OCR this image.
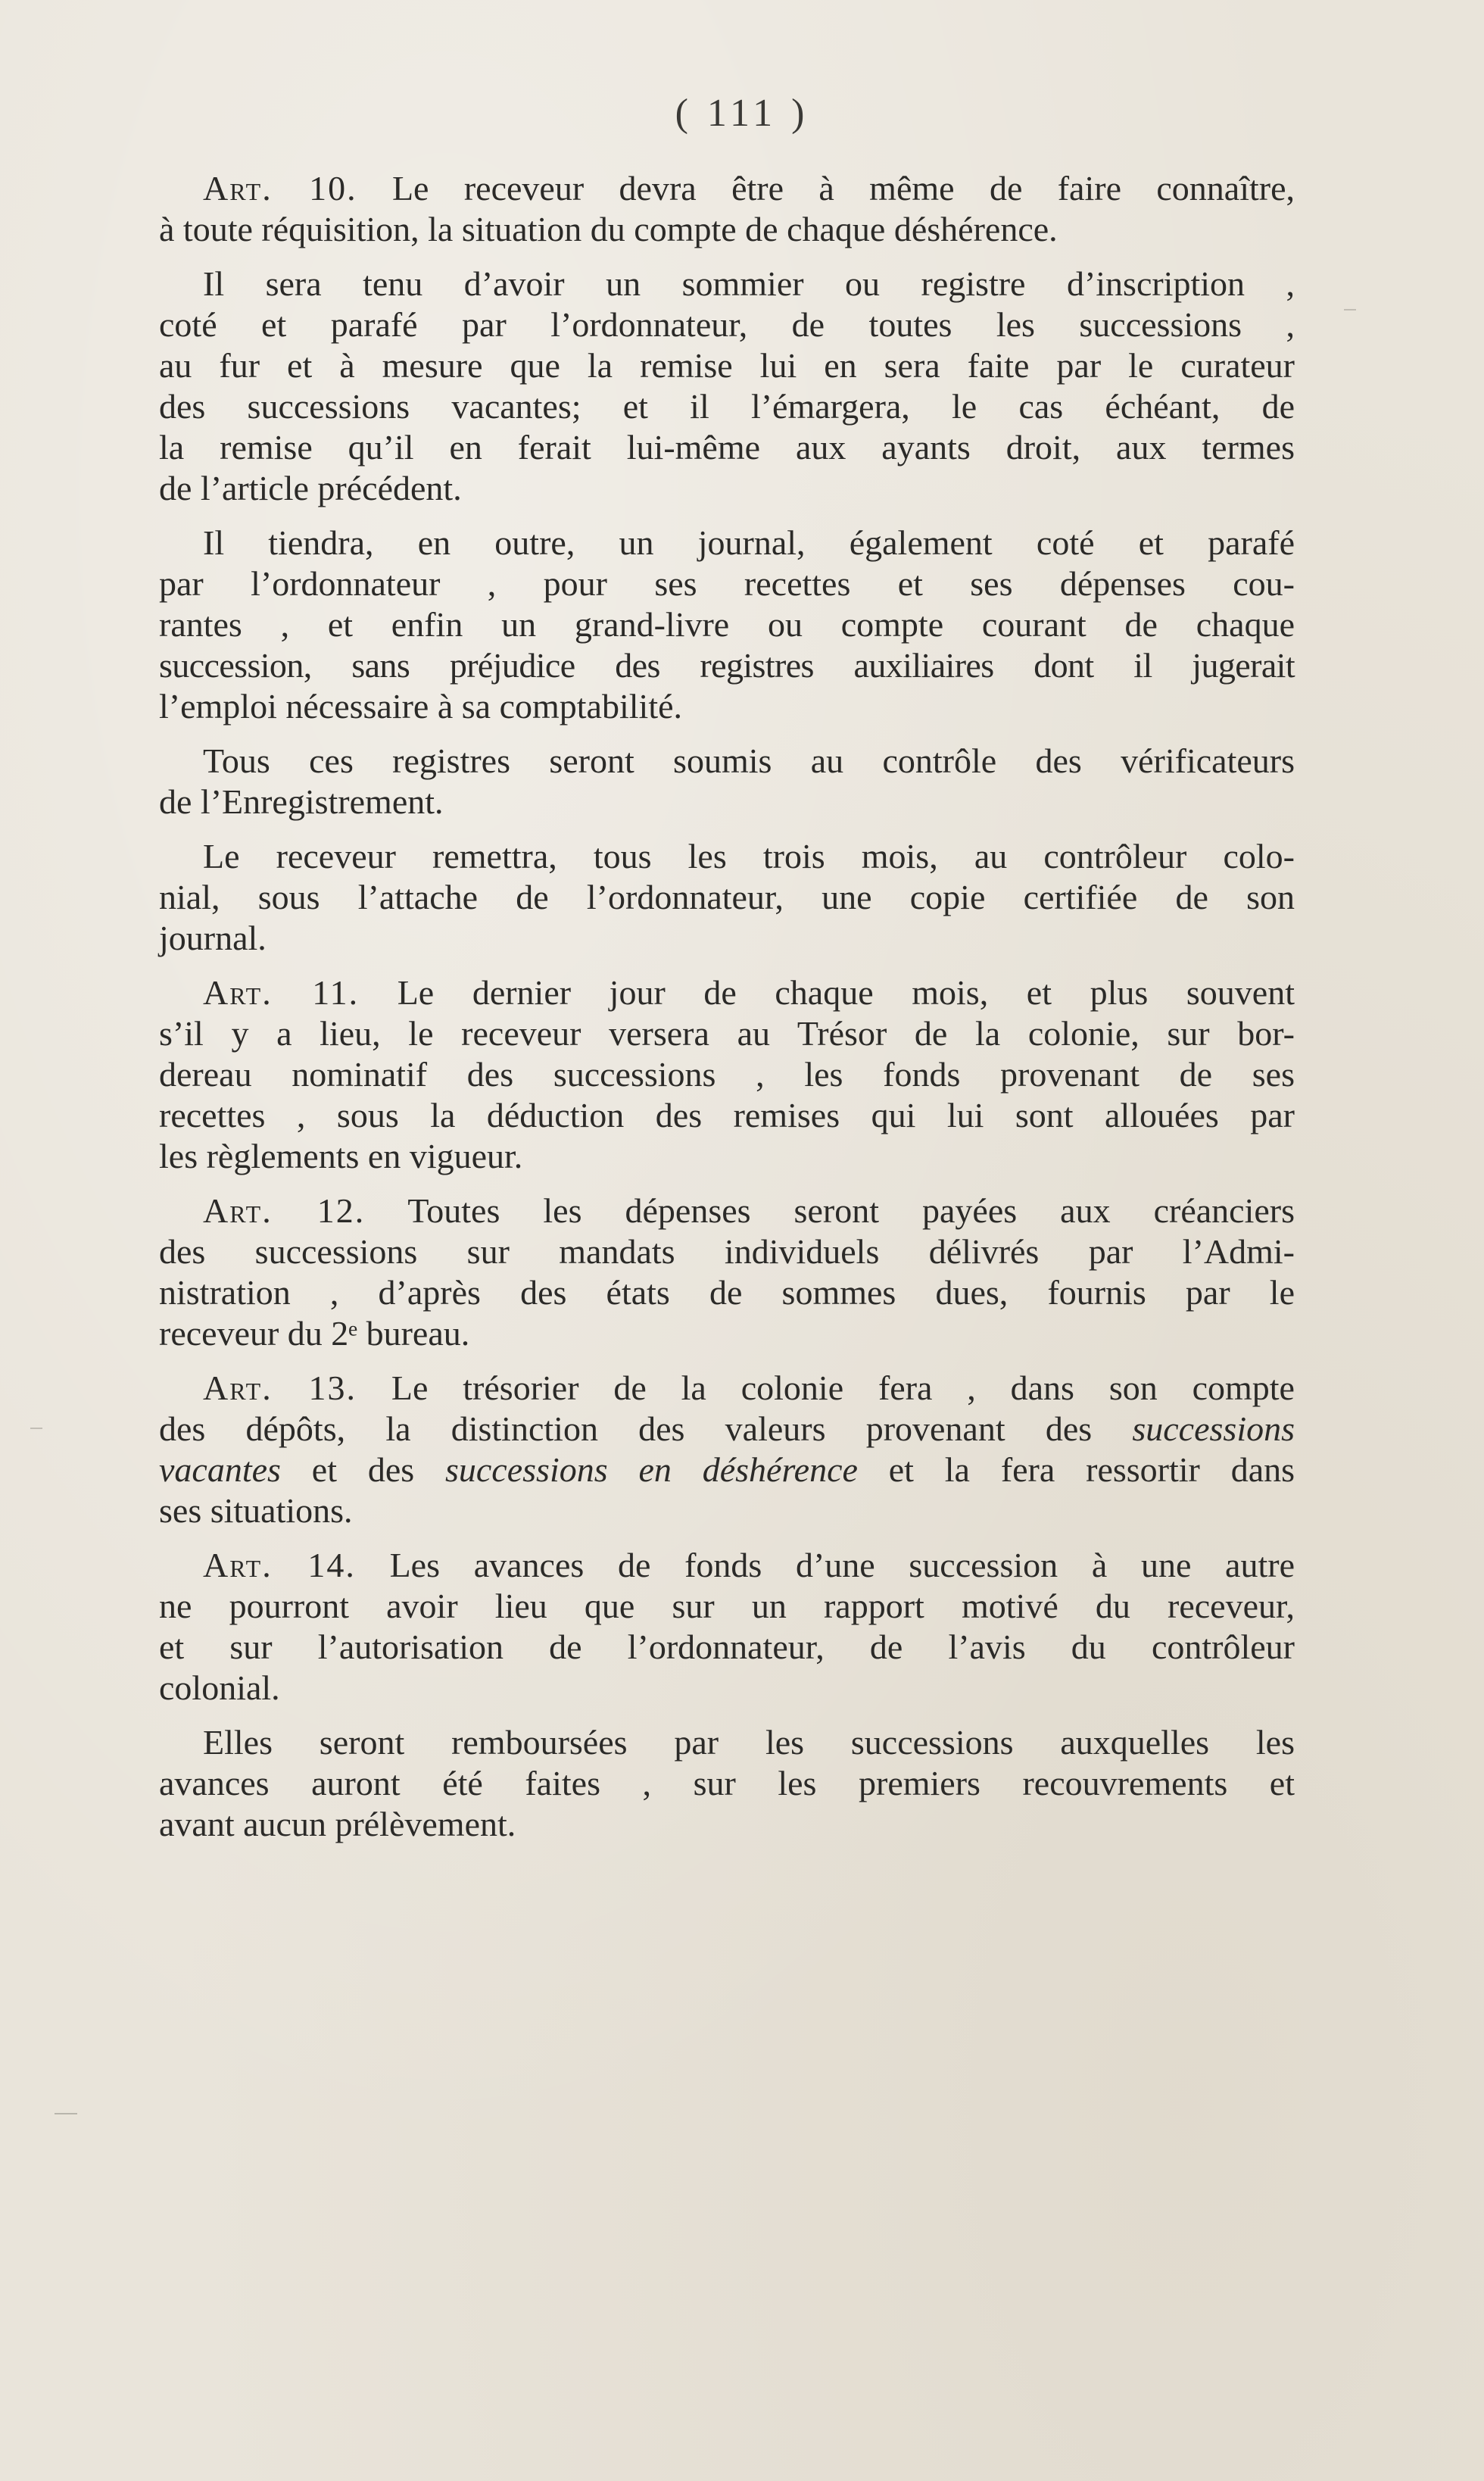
( 111 )

Art. 10. Le receveur devra être à même de faire connaître,
à toute réquisition, la situation du compte de chaque déshérence.

Il sera tenu d’avoir un sommier ou registre d’inscription ,
coté et parafé par l’ordonnateur, de toutes les successions ,
au fur et à mesure que la remise lui en sera faite par le curateur
des successions vacantes; et il l’émargera, le cas échéant, de
la remise qu’il en ferait lui-même aux ayants droit, aux termes
de l’article précédent.

Il tiendra, en outre, un journal, également coté et parafé
par l’ordonnateur , pour ses recettes et ses dépenses cou-
rantes , et enfin un grand-livre ou compte courant de chaque
succession, sans préjudice des registres auxiliaires dont il jugerait
l’emploi nécessaire à sa comptabilité.

Tous ces registres seront soumis au contrôle des vérificateurs
de l’Enregistrement.

Le receveur remettra, tous les trois mois, au contrôleur colo-
nial, sous l’attache de l’ordonnateur, une copie certifiée de son
journal.

Art. 11. Le dernier jour de chaque mois, et plus souvent
s’il y a lieu, le receveur versera au Trésor de la colonie, sur bor-
dereau nominatif des successions , les fonds provenant de ses
recettes , sous la déduction des remises qui lui sont allouées par
les règlements en vigueur.

Art. 12. Toutes les dépenses seront payées aux créanciers
des successions sur mandats individuels délivrés par l’Admi-
nistration , d’après des états de sommes dues, fournis par le
receveur du 2ᵉ bureau.

Art. 13. Le trésorier de la colonie fera , dans son compte
des dépôts, la distinction des valeurs provenant des successions
vacantes et des successions en déshérence et la fera ressortir dans
ses situations.

Art. 14. Les avances de fonds d’une succession à une autre
ne pourront avoir lieu que sur un rapport motivé du receveur,
et sur l’autorisation de l’ordonnateur, de l’avis du contrôleur
colonial.

Elles seront remboursées par les successions auxquelles les
avances auront été faites , sur les premiers recouvrements et
avant aucun prélèvement.
